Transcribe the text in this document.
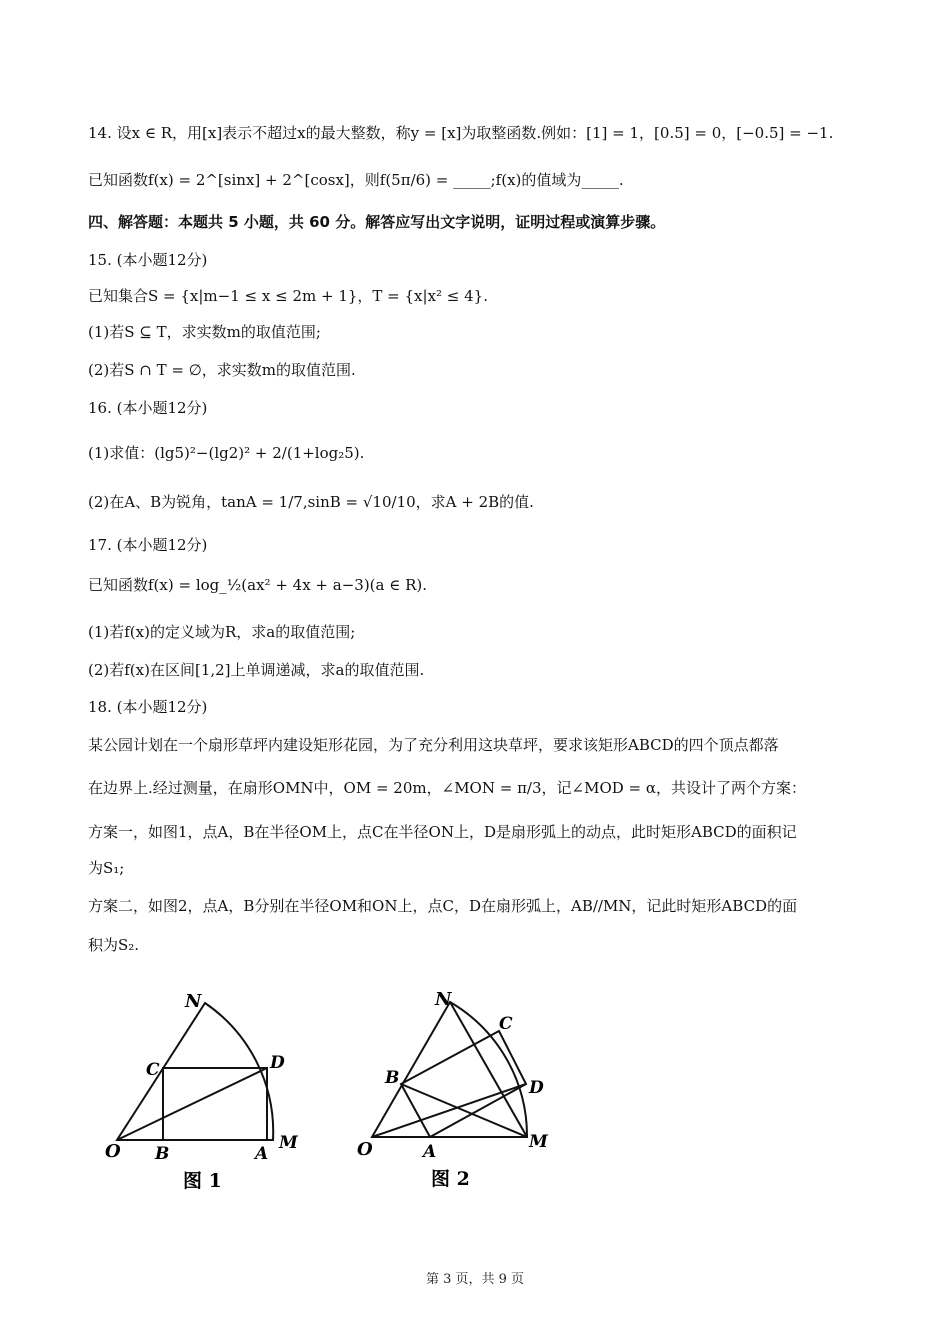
14. 设x ∈ R，用[x]表示不超过x的最大整数，称y = [x]为取整函数.例如：[1] = 1，[0.5] = 0，[−0.5] = −1.
已知函数f(x) = 2^[sinx] + 2^[cosx]，则f(5π/6) = _____;f(x)的值域为_____.
四、解答题：本题共 5 小题，共 60 分。解答应写出文字说明，证明过程或演算步骤。
15. (本小题12分)
已知集合S = {x|m−1 ≤ x ≤ 2m + 1}，T = {x|x² ≤ 4}.
(1)若S ⊆ T，求实数m的取值范围;
(2)若S ∩ T = ∅，求实数m的取值范围.
16. (本小题12分)
(1)求值：(lg5)²−(lg2)² + 2/(1+log₂5).
(2)在A、B为锐角，tanA = 1/7,sinB = √10/10，求A + 2B的值.
17. (本小题12分)
已知函数f(x) = log_½(ax² + 4x + a−3)(a ∈ R).
(1)若f(x)的定义域为R，求a的取值范围;
(2)若f(x)在区间[1,2]上单调递减，求a的取值范围.
18. (本小题12分)
某公园计划在一个扇形草坪内建设矩形花园，为了充分利用这块草坪，要求该矩形ABCD的四个顶点都落
在边界上.经过测量，在扇形OMN中，OM = 20m，∠MON = π/3，记∠MOD = α，共设计了两个方案：
方案一，如图1，点A，B在半径OM上，点C在半径ON上，D是扇形弧上的动点，此时矩形ABCD的面积记
为S₁;
方案二，如图2，点A，B分别在半径OM和ON上，点C，D在扇形弧上，AB//MN，记此时矩形ABCD的面
积为S₂.
O B	A
M
N
C	D
图 1
O	A	M
N
B
C
D
图 2
第 3 页，共 9 页
